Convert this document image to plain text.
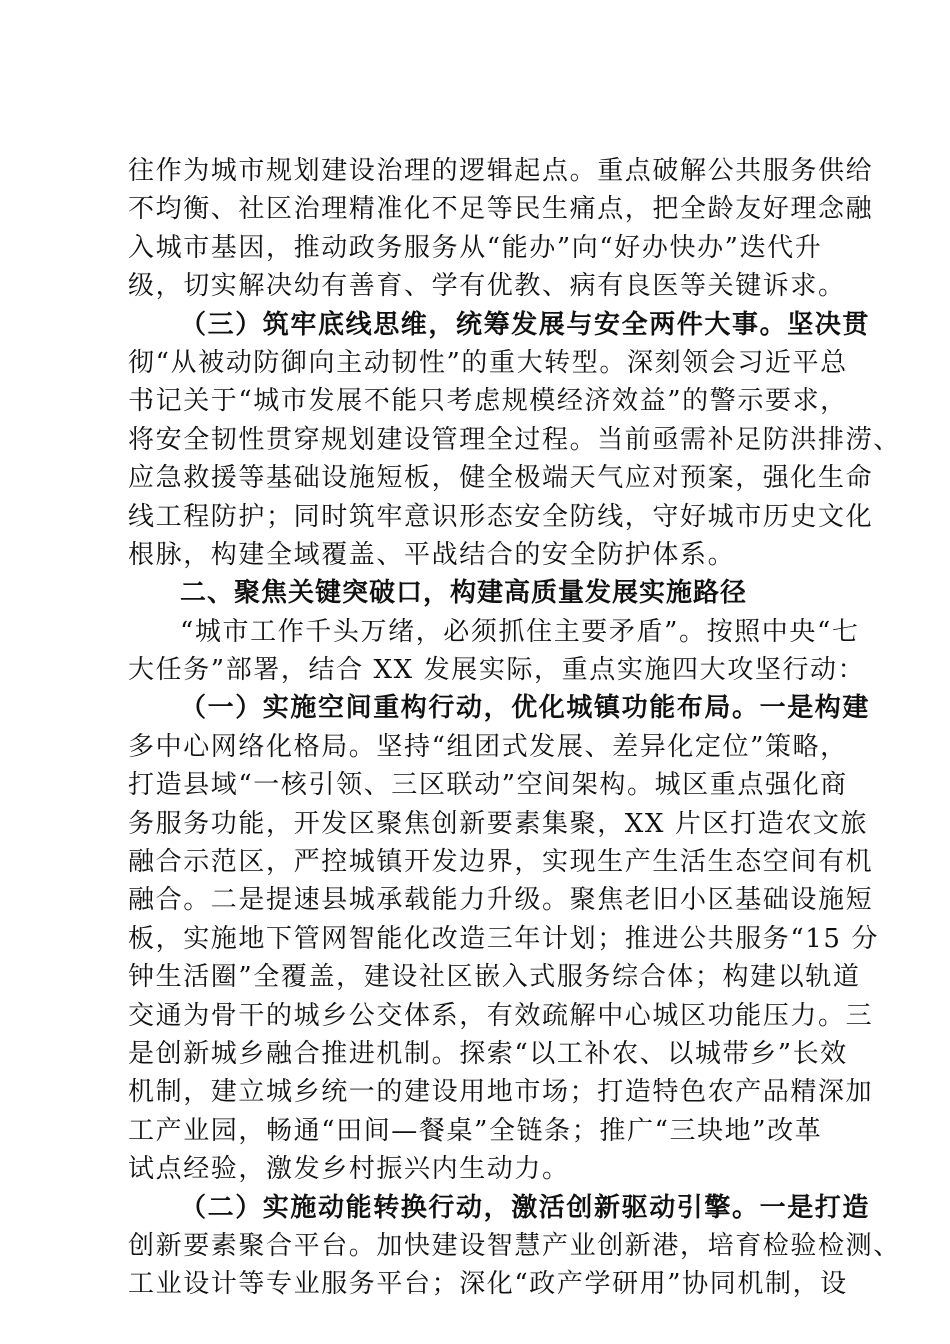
往作为城市规划建设治理的逻辑起点。重点破解公共服务供给
不均衡、社区治理精准化不足等民生痛点，把全龄友好理念融
入城市基因，推动政务服务从“能办”向“好办快办”迭代升
级，切实解决幼有善育、学有优教、病有良医等关键诉求。
（三）筑牢底线思维，统筹发展与安全两件大事。坚决贯
彻“从被动防御向主动韧性”的重大转型。深刻领会习近平总
书记关于“城市发展不能只考虑规模经济效益”的警示要求，
将安全韧性贯穿规划建设管理全过程。当前亟需补足防洪排涝、
应急救援等基础设施短板，健全极端天气应对预案，强化生命
线工程防护；同时筑牢意识形态安全防线，守好城市历史文化
根脉，构建全域覆盖、平战结合的安全防护体系。
二、聚焦关键突破口，构建高质量发展实施路径
“城市工作千头万绪，必须抓住主要矛盾”。按照中央“七
大任务”部署，结合 XX 发展实际，重点实施四大攻坚行动：
（一）实施空间重构行动，优化城镇功能布局。一是构建
多中心网络化格局。坚持“组团式发展、差异化定位”策略，
打造县域“一核引领、三区联动”空间架构。城区重点强化商
务服务功能，开发区聚焦创新要素集聚，XX 片区打造农文旅
融合示范区，严控城镇开发边界，实现生产生活生态空间有机
融合。二是提速县城承载能力升级。聚焦老旧小区基础设施短
板，实施地下管网智能化改造三年计划；推进公共服务“15 分
钟生活圈”全覆盖，建设社区嵌入式服务综合体；构建以轨道
交通为骨干的城乡公交体系，有效疏解中心城区功能压力。三
是创新城乡融合推进机制。探索“以工补农、以城带乡”长效
机制，建立城乡统一的建设用地市场；打造特色农产品精深加
工产业园，畅通“田间—餐桌”全链条；推广“三块地”改革
试点经验，激发乡村振兴内生动力。
（二）实施动能转换行动，激活创新驱动引擎。一是打造
创新要素聚合平台。加快建设智慧产业创新港，培育检验检测、
工业设计等专业服务平台；深化“政产学研用”协同机制，设
